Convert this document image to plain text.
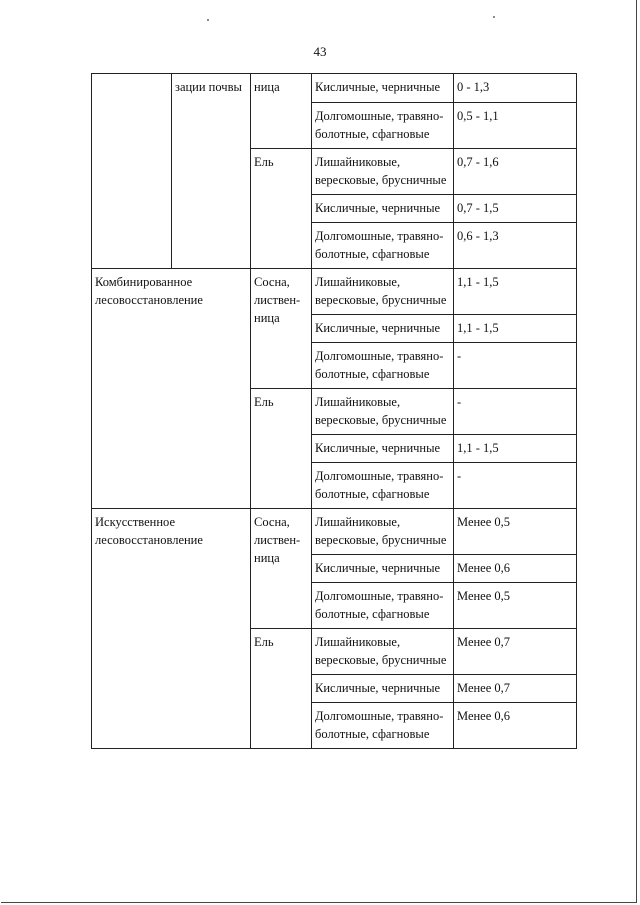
43
	зации почвы	ница	Кисличные, черничные	0 - 1,3
			Долгомошные, травяно-болотные, сфагновые	0,5 - 1,1
		Ель	Лишайниковые, вересковые, брусничные	0,7 - 1,6
			Кисличные, черничные	0,7 - 1,5
			Долгомошные, травяно-болотные, сфагновые	0,6 - 1,3
Комбинированное лесовосстановление		Сосна, листвен-ница	Лишайниковые, вересковые, брусничные	1,1 - 1,5
			Кисличные, черничные	1,1 - 1,5
			Долгомошные, травяно-болотные, сфагновые	-
		Ель	Лишайниковые, вересковые, брусничные	-
			Кисличные, черничные	1,1 - 1,5
			Долгомошные, травяно-болотные, сфагновые	-
Искусственное лесовосстановление		Сосна, листвен-ница	Лишайниковые, вересковые, брусничные	Менее 0,5
			Кисличные, черничные	Менее 0,6
			Долгомошные, травяно-болотные, сфагновые	Менее 0,5
		Ель	Лишайниковые, вересковые, брусничные	Менее 0,7
			Кисличные, черничные	Менее 0,7
			Долгомошные, травяно-болотные, сфагновые	Менее 0,6
